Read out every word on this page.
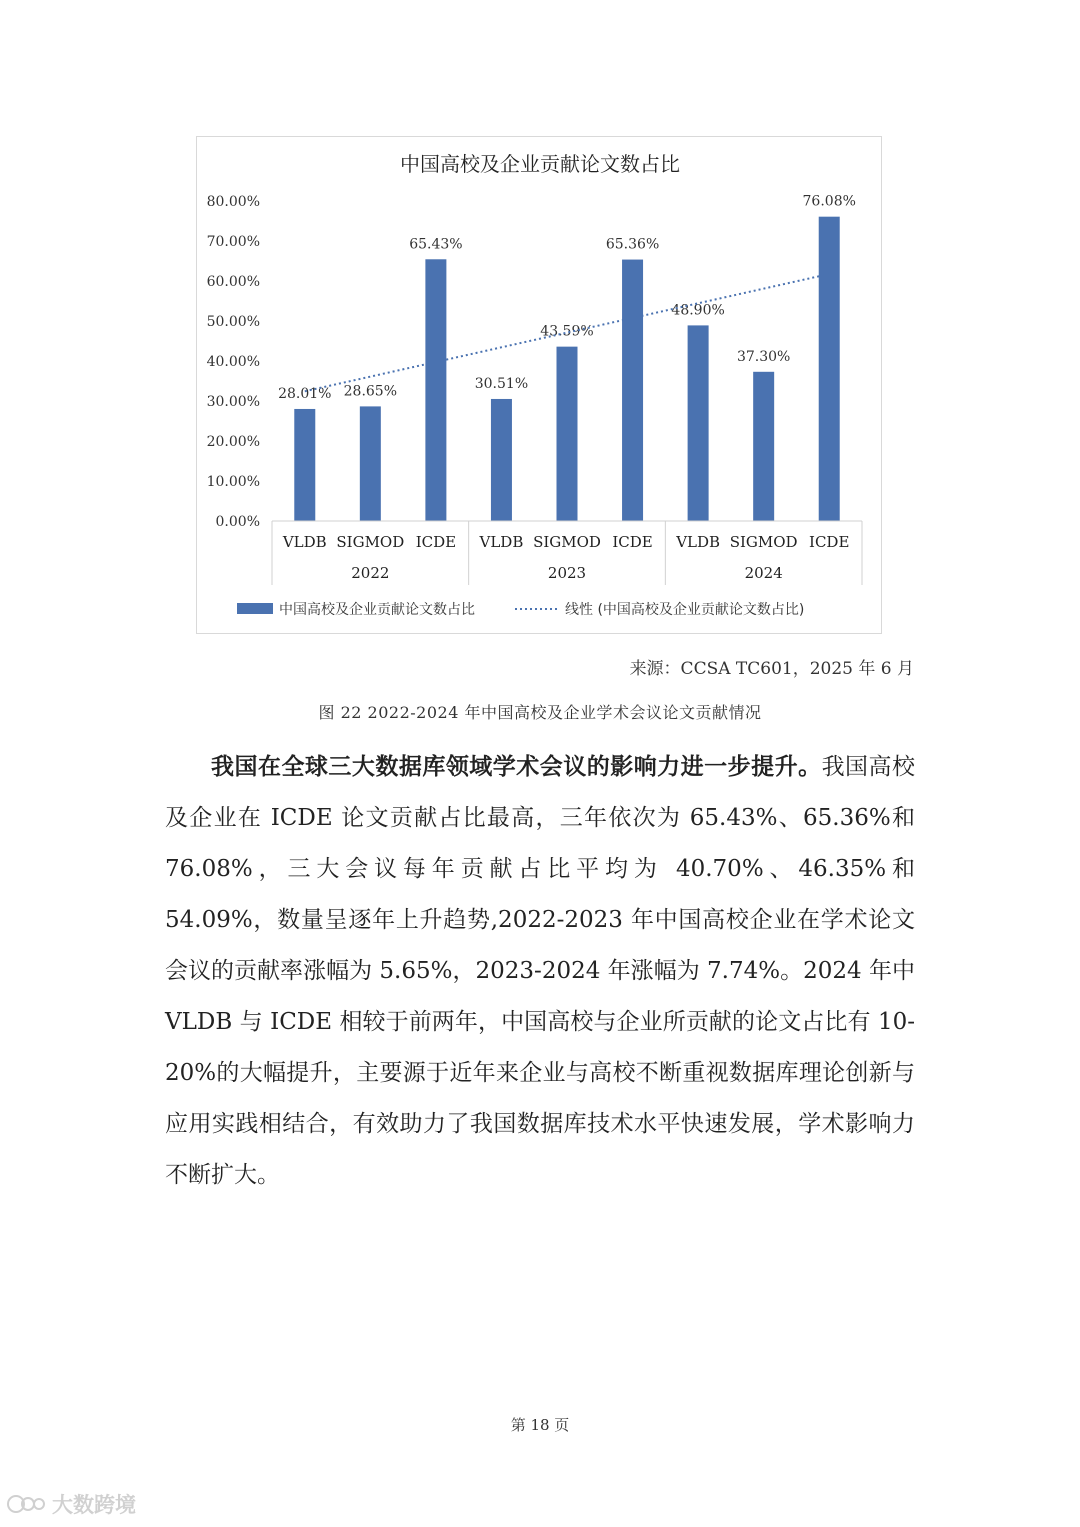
中国高校及企业贡献论文数占比
0.00%
10.00%
20.00%
30.00%
40.00%
50.00%
60.00%
70.00%
80.00%
28.01% 28.65%
65.43%
30.51%
43.59%
65.36%
48.90%
37.30%
76.08%
VLDB SIGMOD ICDE VLDB SIGMOD ICDE VLDB SIGMOD ICDE
2022	2023	2024
中国高校及企业贡献论文数占比	线性 (中国高校及企业贡献论文数占比)
来源：CCSA TC601，2025 年 6 月
图 22 2022-2024 年中国高校及企业学术会议论文贡献情况

我国在全球三大数据库领域学术会议的影响力进一步提升。我国高校及企业在 ICDE 论文贡献占比最高，三年依次为 65.43%、65.36%和 76.08%，三大会议每年贡献占比平均为 40.70%、46.35%和 54.09%，数量呈逐年上升趋势,2022-2023 年中国高校企业在学术论文会议的贡献率涨幅为 5.65%，2023-2024 年涨幅为 7.74%。2024 年中 VLDB 与 ICDE 相较于前两年，中国高校与企业所贡献的论文占比有 10-20%的大幅提升，主要源于近年来企业与高校不断重视数据库理论创新与应用实践相结合，有效助力了我国数据库技术水平快速发展，学术影响力不断扩大。

第 18 页
大数跨境
